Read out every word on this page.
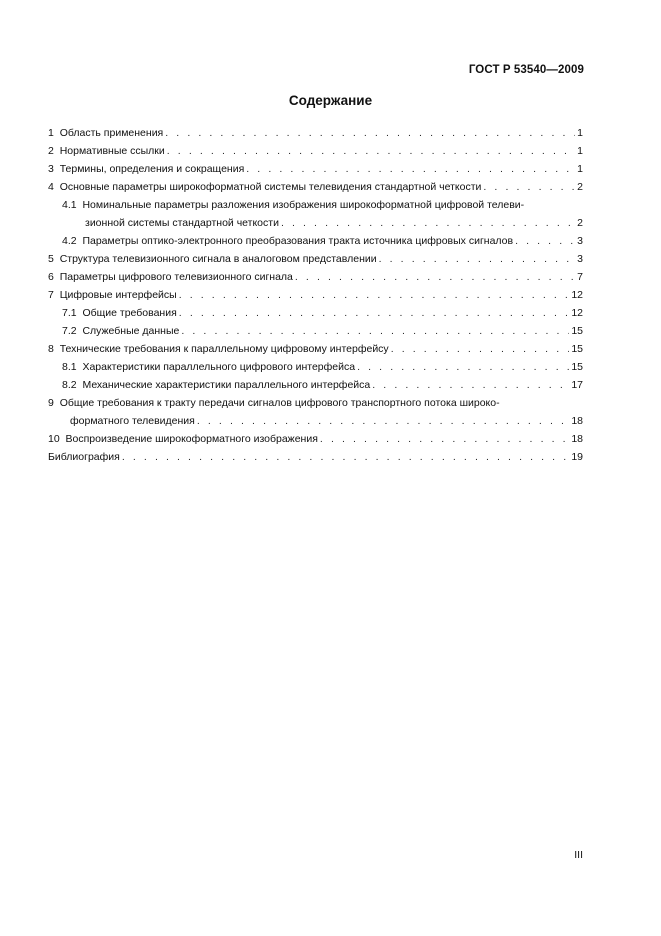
ГОСТ Р 53540—2009
Содержание
1 Область применения . . .	1
2 Нормативные ссылки . . .	1
3 Термины, определения и сокращения . . .	1
4 Основные параметры широкоформатной системы телевидения стандартной четкости . . .	2
4.1 Номинальные параметры разложения изображения широкоформатной цифровой телеви-
зионной системы стандартной четкости . . .	2
4.2 Параметры оптико-электронного преобразования тракта источника цифровых сигналов . . .	3
5 Структура телевизионного сигнала в аналоговом представлении . . .	3
6 Параметры цифрового телевизионного сигнала . . .	7
7 Цифровые интерфейсы . . .	12
7.1 Общие требования . . .	12
7.2 Служебные данные . . .	15
8 Технические требования к параллельному цифровому интерфейсу . . .	15
8.1 Характеристики параллельного цифрового интерфейса . . .	15
8.2 Механические характеристики параллельного интерфейса . . .	17
9 Общие требования к тракту передачи сигналов цифрового транспортного потока широко-
форматного телевидения . . .	18
10 Воспроизведение широкоформатного изображения . . .	18
Библиография . . .	19
III
